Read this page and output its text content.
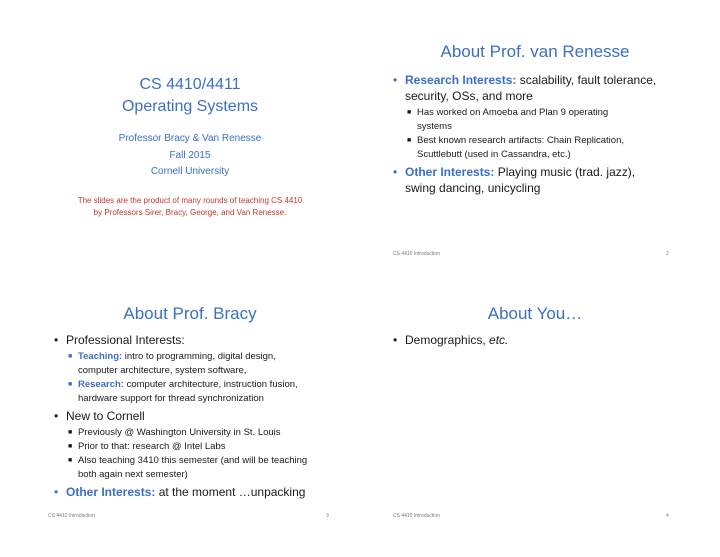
CS 4410/4411
Operating Systems
Professor Bracy & Van Renesse
Fall 2015
Cornell University
The slides are the product of many rounds of teaching CS 4410
by Professors Sirer, Bracy, George, and Van Renesse.
About Prof. van Renesse
• Research Interests: scalability, fault tolerance,
security, OSs, and more
■ Has worked on Amoeba and Plan 9 operating
systems
■ Best known research artifacts: Chain Replication,
Scuttlebutt (used in Cassandra, etc.)
• Other Interests: Playing music (trad. jazz),
swing dancing, unicycling
CS 4410 Introduction	2
About Prof. Bracy
• Professional Interests:
■ Teaching: intro to programming, digital design,
computer architecture, system software,
■ Research: computer architecture, instruction fusion,
hardware support for thread synchronization
• New to Cornell
■ Previously @ Washington University in St. Louis
■ Prior to that: research @ Intel Labs
■ Also teaching 3410 this semester (and will be teaching
both again next semester)
• Other Interests: at the moment …unpacking
CS 4410 Introduction	3
About You…
• Demographics, etc.
CS 4410 Introduction	4
